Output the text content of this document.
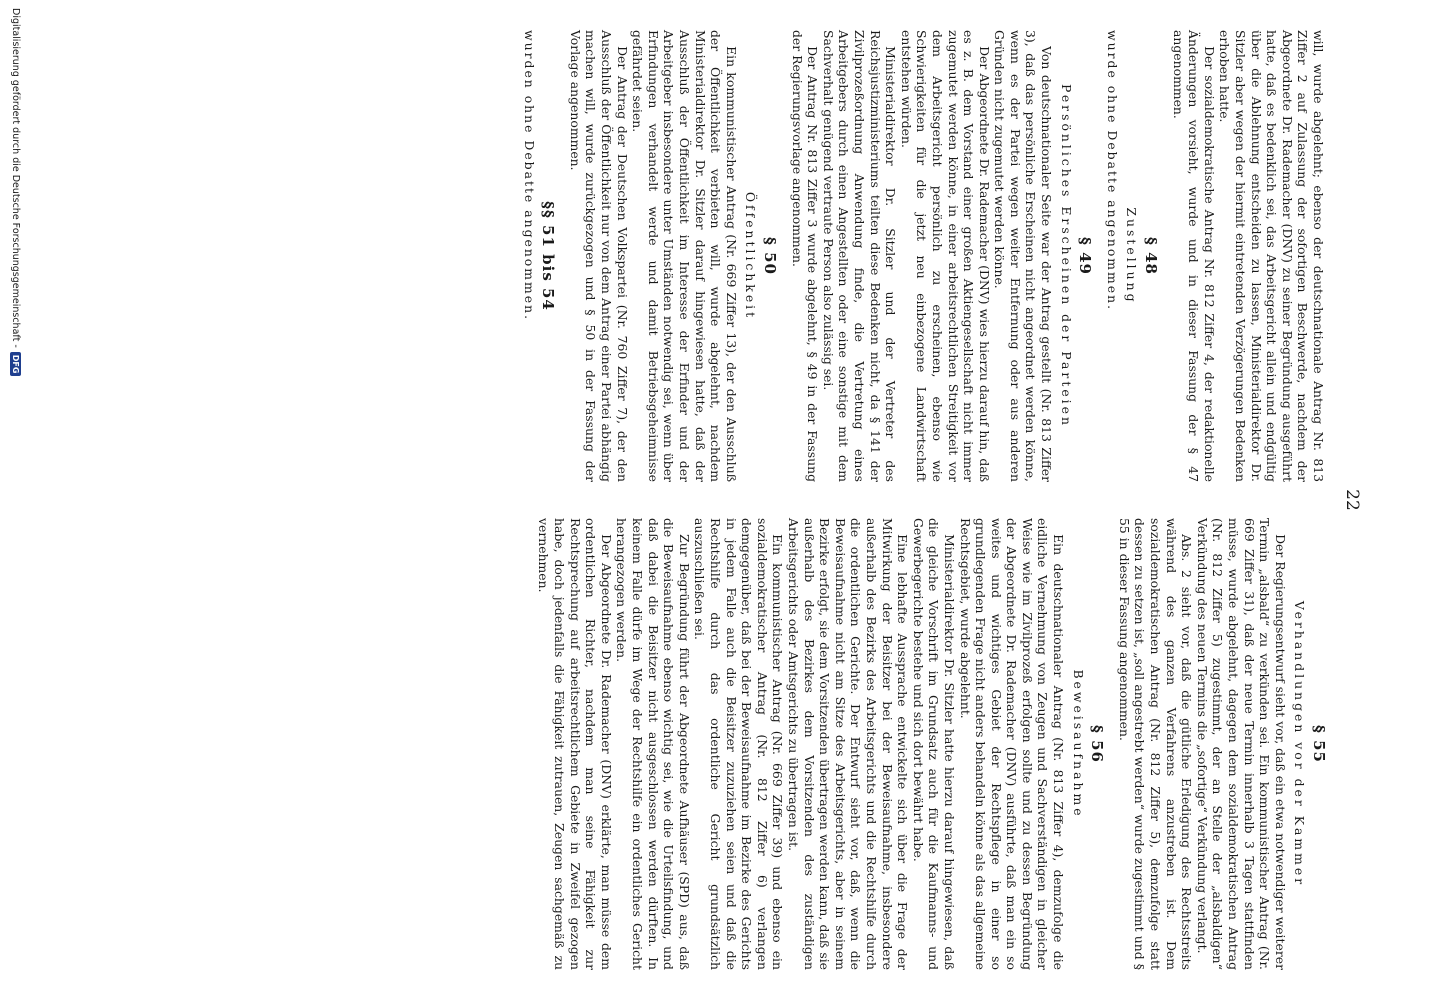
22

will, wurde abgelehnt; ebenso der deutschnationale Antrag Nr. 813 Ziffer 2 auf Zulassung der sofortigen Beschwerde, nachdem der Abgeordnete Dr. Rademacher (DNV) zu seiner Begründung ausgeführt hatte, daß es bedenklich sei, das Arbeitsgericht allein und endgültig über die Ablehnung entscheiden zu lassen, Ministerialdirektor Dr. Sitzler aber wegen der hiermit eintretenden Verzögerungen Bedenken erhoben hatte.

Der sozialdemokratische Antrag Nr. 812 Ziffer 4, der redaktionelle Änderungen vorsieht, wurde und in dieser Fassung der § 47 angenommen.

§ 48
Zustellung

wurde ohne Debatte angenommen.

§ 49
Persönliches Erscheinen der Parteien

Von deutschnationaler Seite war der Antrag gestellt (Nr. 813 Ziffer 3), daß das persönliche Erscheinen nicht angeordnet werden könne, wenn es der Partei wegen weiter Entfernung oder aus anderen Gründen nicht zugemutet werden könne.

Der Abgeordnete Dr. Rademacher (DNV) wies hierzu darauf hin, daß es z. B. dem Vorstand einer großen Aktiengesellschaft nicht immer zugemutet werden könne, in einer arbeitsrechtlichen Streitigkeit vor dem Arbeitsgericht persönlich zu erscheinen, ebenso wie Schwierigkeiten für die jetzt neu einbezogene Landwirtschaft entstehen würden.

Ministerialdirektor Dr. Sitzler und der Vertreter des Reichsjustizministeriums teilten diese Bedenken nicht, da § 141 der Zivilprozeßordnung Anwendung finde, die Vertretung eines Arbeitgebers durch einen Angestellten oder eine sonstige mit dem Sachverhalt genügend vertraute Person also zulässig sei.

Der Antrag Nr. 813 Ziffer 3 wurde abgelehnt, § 49 in der Fassung der Regierungsvorlage angenommen.

§ 50
Öffentlichkeit

Ein kommunistischer Antrag (Nr. 669 Ziffer 13), der den Ausschluß der Öffentlichkeit verbieten will, wurde abgelehnt, nachdem Ministerialdirektor Dr. Sitzler darauf hingewiesen hatte, daß der Ausschluß der Öffentlichkeit im Interesse der Erfinder und der Arbeitgeber insbesondere unter Umständen notwendig sei, wenn über Erfindungen verhandelt werde und damit Betriebsgeheimnisse gefährdet seien.

Der Antrag der Deutschen Volkspartei (Nr. 760 Ziffer 7), der den Ausschluß der Öffentlichkeit nur von dem Antrag einer Partei abhängig machen will, wurde zurückgezogen und § 50 in der Fassung der Vorlage angenommen.

§§ 51 bis 54

wurden ohne Debatte angenommen.

§ 55
Verhandlungen vor der Kammer

Der Regierungsentwurf sieht vor, daß ein etwa notwendiger weiterer Termin „alsbald“ zu verkünden sei. Ein kommunistischer Antrag (Nr. 669 Ziffer 31), daß der neue Termin innerhalb 3 Tagen stattfinden müsse, wurde abgelehnt, dagegen dem sozialdemokratischen Antrag (Nr. 812 Ziffer 5) zugestimmt, der an Stelle der „alsbaldigen“ Verkündung des neuen Termins die „sofortige“ Verkündung verlangt.

Abs. 2 sieht vor, daß die gütliche Erledigung des Rechtsstreits während des ganzen Verfahrens anzustreben ist. Dem sozialdemokratischen Antrag (Nr. 812 Ziffer 5), demzufolge statt dessen zu setzen ist, „soll angestrebt werden“ wurde zugestimmt und § 55 in dieser Fassung angenommen.

§ 56
Beweisaufnahme

Ein deutschnationaler Antrag (Nr. 813 Ziffer 4), demzufolge die eidliche Vernehmung von Zeugen und Sachverständigen in gleicher Weise wie im Zivilprozeß erfolgen sollte und zu dessen Begründung der Abgeordnete Dr. Rademacher (DNV) ausführte, daß man ein so weites und wichtiges Gebiet der Rechtspflege in einer so grundlegenden Frage nicht anders behandeln könne als das allgemeine Rechtsgebiet, wurde abgelehnt.

Ministerialdirektor Dr. Sitzler hatte hierzu darauf hingewiesen, daß die gleiche Vorschrift im Grundsatz auch für die Kaufmanns- und Gewerbegerichte bestehe und sich dort bewährt habe.

Eine lebhafte Aussprache entwickelte sich über die Frage der Mitwirkung der Beisitzer bei der Beweisaufnahme, insbesondere außerhalb des Bezirks des Arbeitsgerichts und die Rechtshilfe durch die ordentlichen Gerichte. Der Entwurf sieht vor, daß, wenn die Beweisaufnahme nicht am Sitze des Arbeitsgerichts, aber in seinem Bezirke erfolgt, sie dem Vorsitzenden übertragen werden kann, daß sie außerhalb des Bezirkes dem Vorsitzenden des zuständigen Arbeitsgerichts oder Amtsgerichts zu übertragen ist.

Ein kommunistischer Antrag (Nr. 669 Ziffer 39) und ebenso ein sozialdemokratischer Antrag (Nr. 812 Ziffer 6) verlangen demgegenüber, daß bei der Beweisaufnahme im Bezirke des Gerichts in jedem Falle auch die Beisitzer zuzuziehen seien und daß die Rechtshilfe durch das ordentliche Gericht grundsätzlich auszuschließen sei.

Zur Begründung führt der Abgeordnete Aufhäuser (SPD) aus, daß die Beweisaufnahme ebenso wichtig sei, wie die Urteilsfindung, und daß dabei die Beisitzer nicht ausgeschlossen werden dürften. In keinem Falle dürfe im Wege der Rechtshilfe ein ordentliches Gericht herangezogen werden.

Der Abgeordnete Dr. Rademacher (DNV) erklärte, man müsse dem ordentlichen Richter, nachdem man seine Fähigkeit zur Rechtsprechung auf arbeitsrechtlichem Gebiete in Zweifel gezogen habe, doch jedenfalls die Fähigkeit zutrauen, Zeugen sachgemäß zu vernehmen.

Digitalisierung gefördert durch die Deutsche Forschungsgemeinschaft -
DFG
